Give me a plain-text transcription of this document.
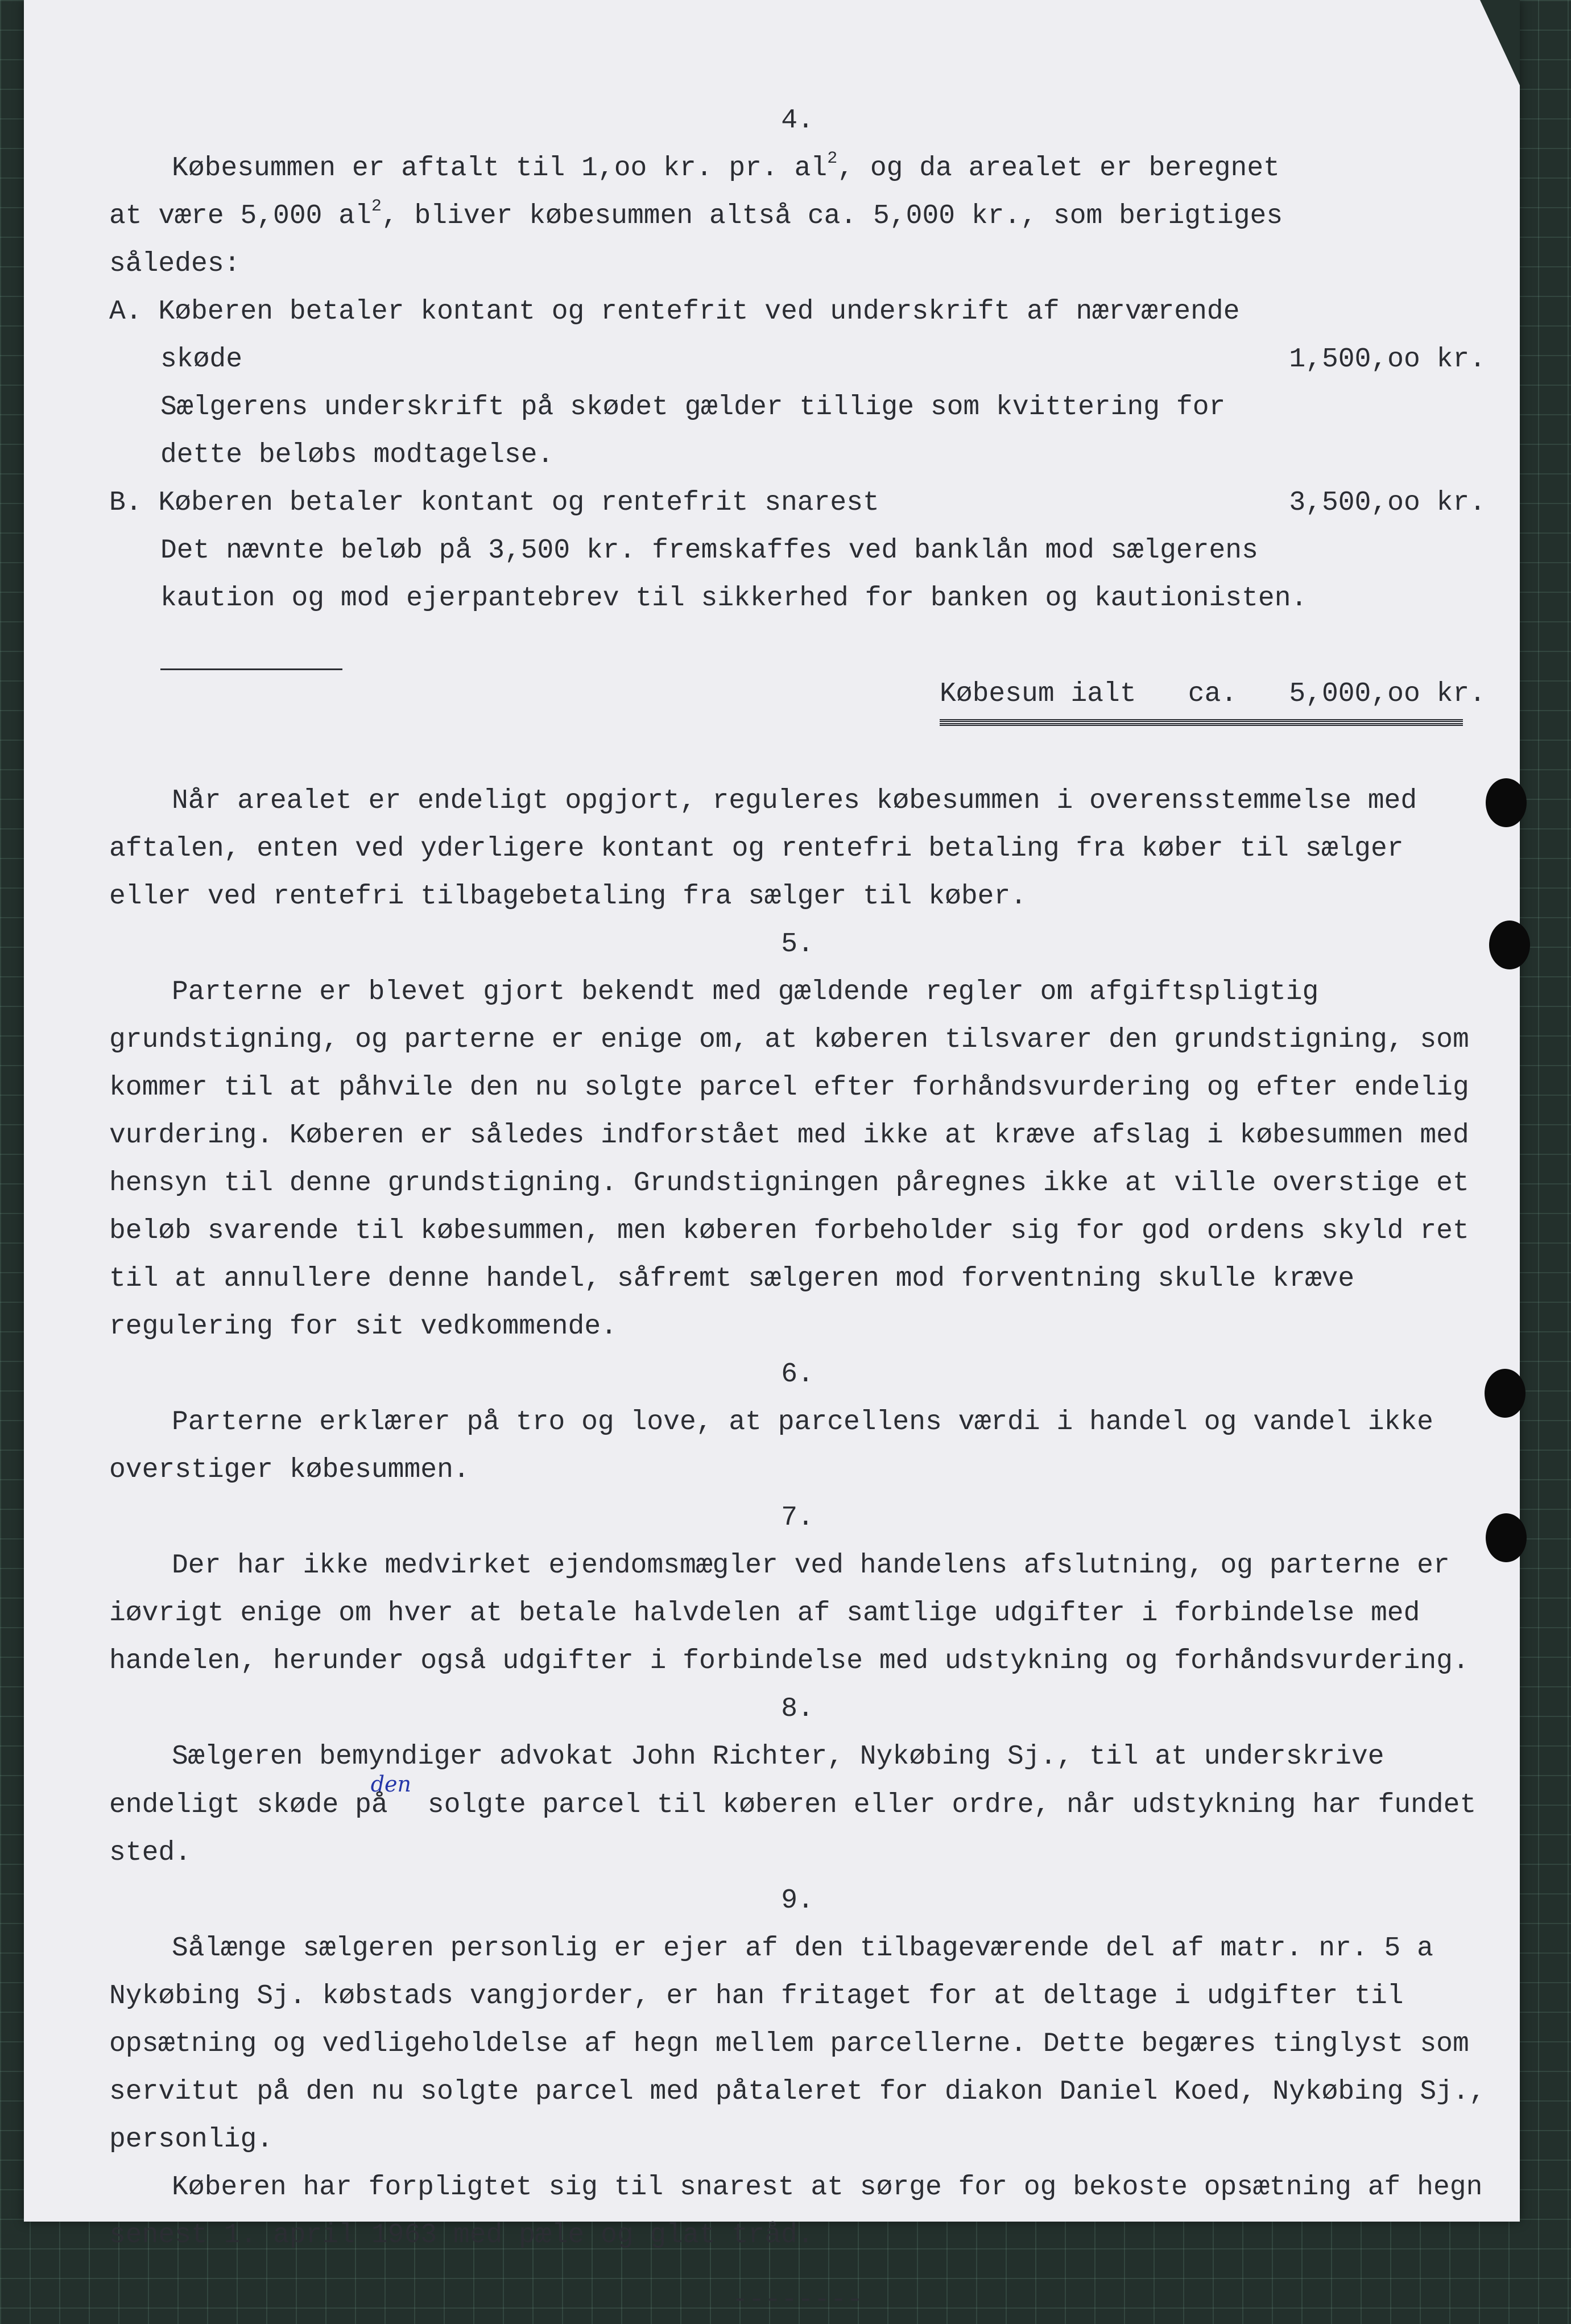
4.

Købesummen er aftalt til 1,oo kr. pr. $al^2$, og da arealet er beregnet

at være 5,000 $al^2$, bliver købesummen altså ca. 5,000 kr., som berigtiges

således:

A. Køberen betaler kontant og rentefrit ved underskrift af nærværende

skøde	1,500,oo kr.

Sælgerens underskrift på skødet gælder tillige som kvittering for

dette beløbs modtagelse.

B. Køberen betaler kontant og rentefrit snarest	3,500,oo kr.

Det nævnte beløb på 3,500 kr. fremskaffes ved banklån mod sælgerens

kaution og mod ejerpantebrev til sikkerhed for banken og kautionisten.

Købesum ialt ca. 5,000,oo kr.

Når arealet er endeligt opgjort, reguleres købesummen i overensstemmelse med aftalen, enten ved yderligere kontant og rentefri betaling fra køber til sælger eller ved rentefri tilbagebetaling fra sælger til køber.

5.

Parterne er blevet gjort bekendt med gældende regler om afgiftspligtig grundstigning, og parterne er enige om, at køberen tilsvarer den grundstigning, som kommer til at påhvile den nu solgte parcel efter forhåndsvurdering og efter endelig vurdering. Køberen er således indforstået med ikke at kræve afslag i købesummen med hensyn til denne grundstigning. Grundstigningen påregnes ikke at ville overstige et beløb svarende til købesummen, men køberen forbeholder sig for god ordens skyld ret til at annullere denne handel, såfremt sælgeren mod forventning skulle kræve regulering for sit vedkommende.

6.

Parterne erklærer på tro og love, at parcellens værdi i handel og vandel ikke overstiger købesummen.

7.

Der har ikke medvirket ejendomsmægler ved handelens afslutning, og parterne er iøvrigt enige om hver at betale halvdelen af samtlige udgifter i forbindelse med handelen, herunder også udgifter i forbindelse med udstykning og forhåndsvurdering.

8.

Sælgeren bemyndiger advokat John Richter, Nykøbing Sj., til at underskrive endeligt skøde $på^{den}$ solgte parcel til køberen eller ordre, når udstykning har fundet sted.

9.

Sålænge sælgeren personlig er ejer af den tilbageværende del af matr. nr. 5 a Nykøbing Sj. købstads vangjorder, er han fritaget for at deltage i udgifter til opsætning og vedligeholdelse af hegn mellem parcellerne. Dette begæres tinglyst som servitut på den nu solgte parcel med påtaleret for diakon Daniel Koed, Nykøbing Sj., personlig.

Køberen har forpligtet sig til snarest at sørge for og bekoste opsætning af hegn senest 1. april 1963 med pæle og glat tråd.

--------
